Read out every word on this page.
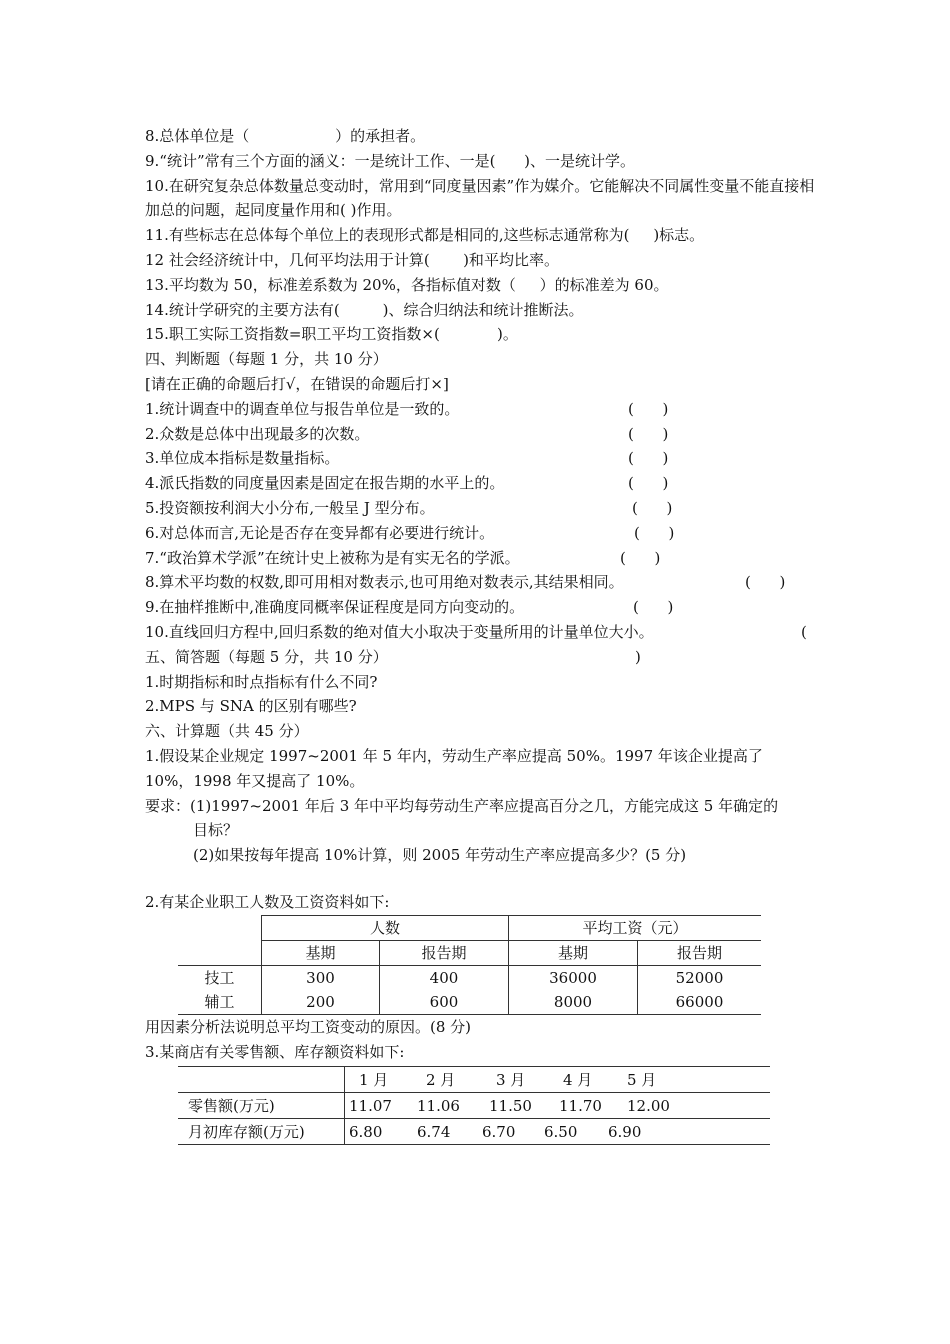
8.总体单位是（                  ）的承担者。
9.“统计”常有三个方面的涵义：一是统计工作、一是(      )、一是统计学。
10.在研究复杂总体数量总变动时，常用到“同度量因素”作为媒介。它能解决不同属性变量不能直接相加总的问题，起同度量作用和( )作用。
11.有些标志在总体每个单位上的表现形式都是相同的,这些标志通常称为(     )标志。
12 社会经济统计中，几何平均法用于计算(       )和平均比率。
13.平均数为 50，标准差系数为 20%，各指标值对数（     ）的标准差为 60。
14.统计学研究的主要方法有(         )、综合归纳法和统计推断法。
15.职工实际工资指数=职工平均工资指数×(            )。
四、判断题（每题 1 分，共 10 分）
[请在正确的命题后打√，在错误的命题后打×]
1.统计调查中的调查单位与报告单位是一致的。	(      )
2.众数是总体中出现最多的次数。	(      )
3.单位成本指标是数量指标。	(      )
4.派氏指数的同度量因素是固定在报告期的水平上的。	(      )
5.投资额按利润大小分布,一般呈 J 型分布。	(      )
6.对总体而言,无论是否存在变异都有必要进行统计。	(      )
7.“政治算术学派”在统计史上被称为是有实无名的学派。	(      )
8.算术平均数的权数,即可用相对数表示,也可用绝对数表示,其结果相同。	(      )
9.在抽样推断中,准确度同概率保证程度是同方向变动的。	(      )
10.直线回归方程中,回归系数的绝对值大小取决于变量所用的计量单位大小。	(
)
五、简答题（每题 5 分，共 10 分）
1.时期指标和时点指标有什么不同?
2.MPS 与 SNA 的区别有哪些?
六、计算题（共 45 分）
1.假设某企业规定 1997~2001 年 5 年内，劳动生产率应提高 50%。1997 年该企业提高了 10%，1998 年又提高了 10%。
要求：(1)1997~2001 年后 3 年中平均每劳动生产率应提高百分之几，方能完成这 5 年确定的
目标？
(2)如果按每年提高 10%计算，则 2005 年劳动生产率应提高多少？(5 分)
2.有某企业职工人数及工资资料如下:
	人数		平均工资（元）	
	基期	报告期	基期	报告期
技工	300	400	36000	52000
辅工	200	600	8000	66000
用因素分析法说明总平均工资变动的原因。(8 分)
3.某商店有关零售额、库存额资料如下:
	1 月 2 月 3 月 4 月 5 月
零售额(万元)	11.07 11.06 11.50 11.70 12.00
月初库存额(万元)	6.80 6.74 6.70 6.50 6.90
